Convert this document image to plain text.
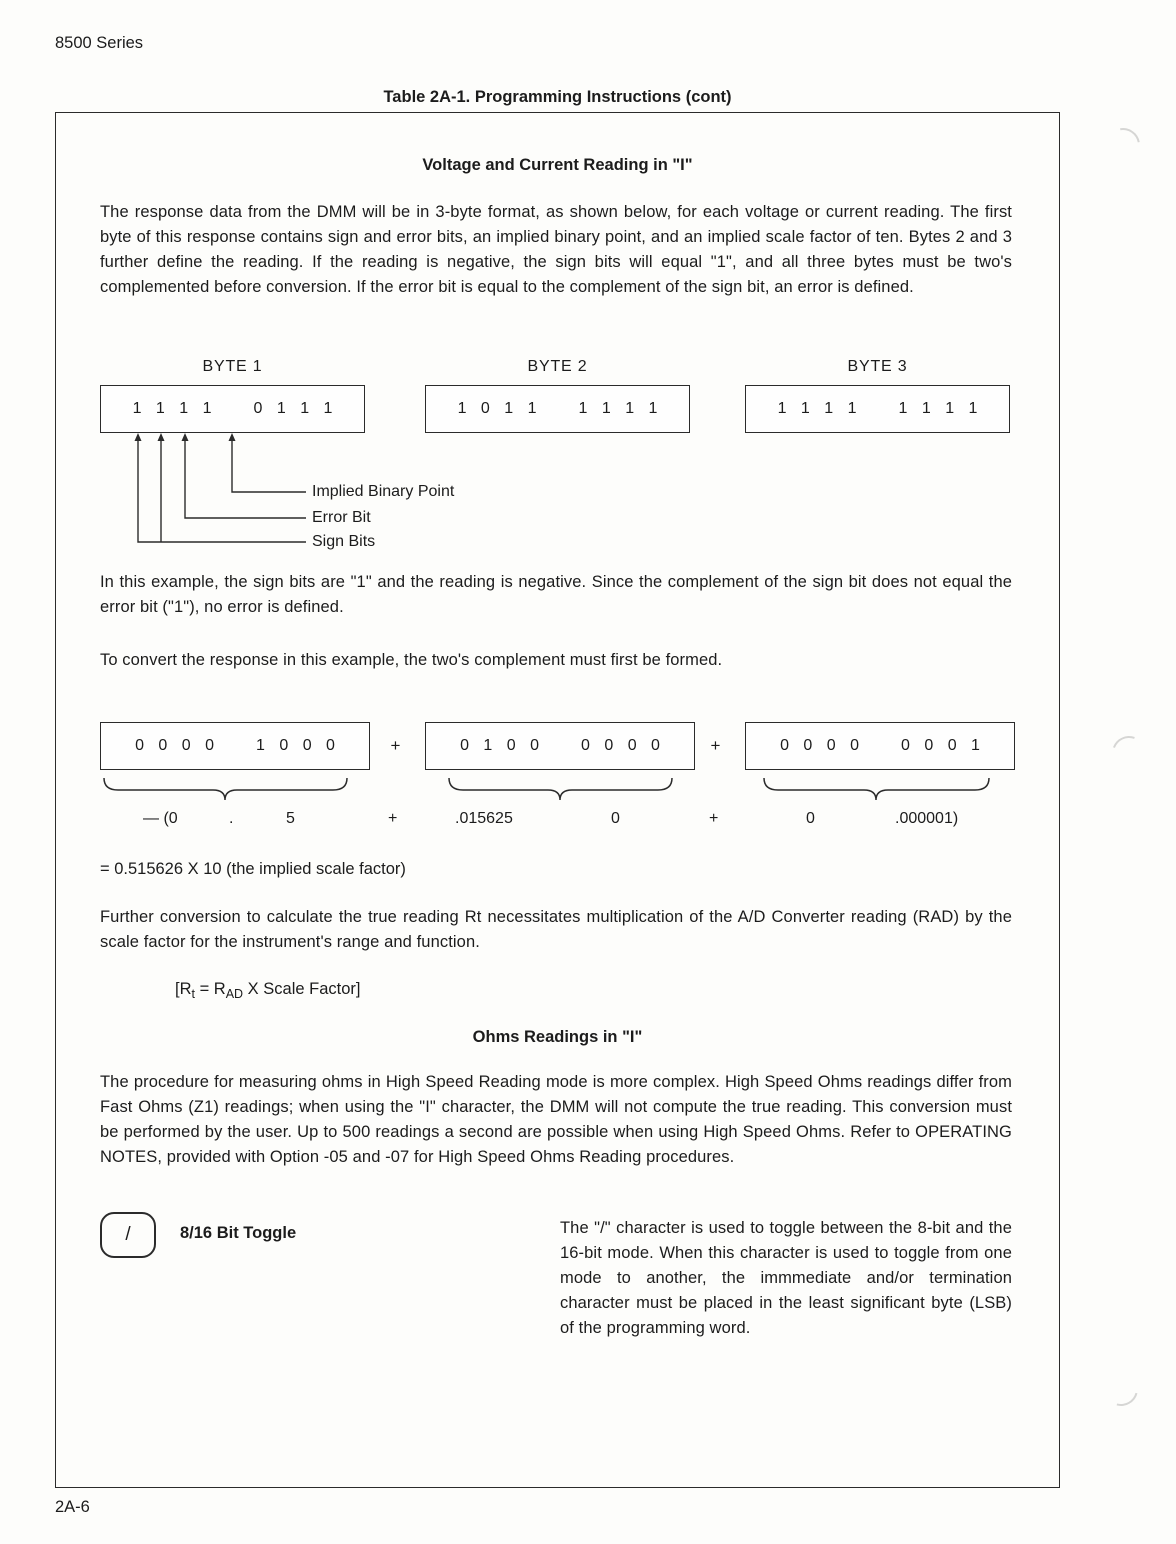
8500 Series
Table 2A-1. Programming Instructions (cont)
Voltage and Current Reading in "I"
The response data from the DMM will be in 3-byte format, as shown below, for each voltage or current reading. The first byte of this response contains sign and error bits, an implied binary point, and an implied scale factor of ten. Bytes 2 and 3 further define the reading. If the reading is negative, the sign bits will equal "1", and all three bytes must be two's complemented before conversion. If the error bit is equal to the complement of the sign bit, an error is defined.
BYTE 1	BYTE 2	BYTE 3
1 1 1 1	0 1 1 1	1 0 1 1	1 1 1 1	1 1 1 1	1 1 1 1
Implied Binary Point
Error Bit
Sign Bits
In this example, the sign bits are "1" and the reading is negative. Since the complement of the sign bit does not equal the error bit ("1"), no error is defined.
To convert the response in this example, the two's complement must first be formed.
0 0 0 0	1 0 0 0	+	0 1 0 0	0 0 0 0	+	0 0 0 0	0 0 0 1
— (0	.	5	+	.015625	0	+	0	.000001)
= 0.515626 X 10 (the implied scale factor)
Further conversion to calculate the true reading Rt necessitates multiplication of the A/D Converter reading (RAD) by the scale factor for the instrument's range and function.
[$R_t = R_{AD}$ X Scale Factor]
Ohms Readings in "I"
The procedure for measuring ohms in High Speed Reading mode is more complex. High Speed Ohms readings differ from Fast Ohms (Z1) readings; when using the "I" character, the DMM will not compute the true reading. This conversion must be performed by the user. Up to 500 readings a second are possible when using High Speed Ohms. Refer to OPERATING NOTES, provided with Option -05 and -07 for High Speed Ohms Reading procedures.
/	8/16 Bit Toggle	The "/" character is used to toggle between the 8-bit and the 16-bit mode. When this character is used to toggle from one mode to another, the immmediate and/or termination character must be placed in the least significant byte (LSB) of the programming word.
2A-6
